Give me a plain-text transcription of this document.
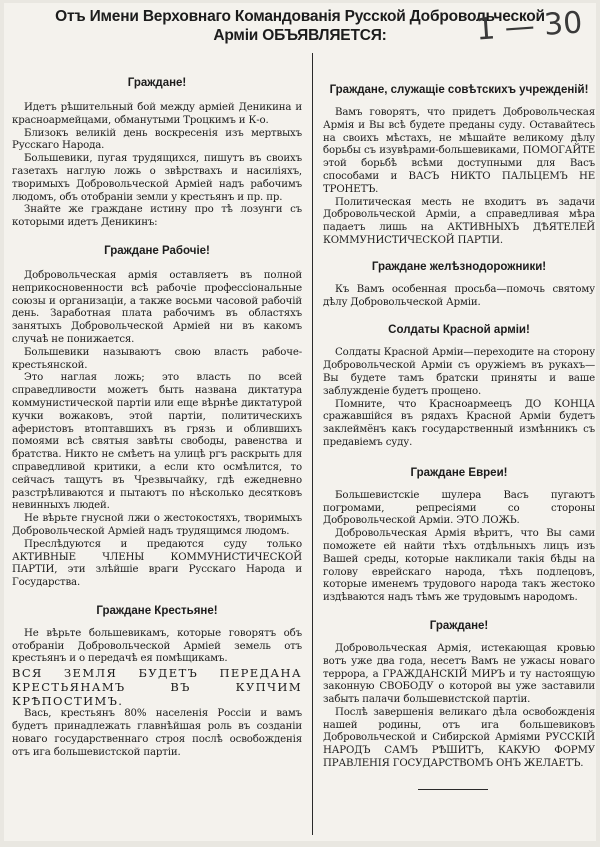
1 — 30
Отъ Имени Верховнаго Командованія Русской Добровольческой
Арміи ОБЪЯВЛЯЕТСЯ:
Граждане!

Идетъ рѣшительный бой между арміей Деникина и красноармейцами, обманутыми Троцкимъ и К-о.

Близокъ великій день воскресенія изъ мертвыхъ Русскаго Народа.

Большевики, пугая трудящихся, пишутъ въ своихъ газетахъ наглую ложь о звѣрствахъ и насиліяхъ, творимыхъ Добровольческой Арміей надъ рабочимъ людомъ, объ отобраніи земли у крестьянъ и пр. пр.

Знайте же граждане истину про тѣ лозунги съ которыми идетъ Деникинъ:

Граждане Рабочіе!

Добровольческая армія оставляетъ въ полной неприкосновенности всѣ рабочіе профессіональные союзы и организаціи, а также восьми часовой рабочій день. Заработная плата рабочимъ въ областяхъ занятыхъ Добровольческой Арміей ни въ какомъ случаѣ не понижается.

Большевики называютъ свою власть рабоче-крестьянской.

Это наглая ложь; это власть по всей справедливости можетъ быть названа диктатура коммунистической партіи или еще вѣрнѣе диктатурой кучки вожаковъ, этой партіи, политическихъ аферистовъ втоптавшихъ въ грязь и облившихъ помоями всѣ святыя завѣты свободы, равенства и братства. Никто не смѣетъ на улицѣ ргъ раскрыть для справедливой критики, а если кто осмѣлится, то сейчасъ тащутъ въ Чрезвычайку, гдѣ ежедневно разстрѣливаются и пытаютъ по нѣсколько десятковъ невинныхъ людей.

Не вѣрьте гнусной лжи о жестокостяхъ, творимыхъ Добровольческой Арміей надъ трудящимся людомъ.

Преслѣдуются и предаются суду только АКТИВНЫЕ ЧЛЕНЫ КОММУНИСТИЧЕСКОЙ ПАРТІИ, эти злѣйшіе враги Русскаго Народа и Государства.

Граждане Крестьяне!

Не вѣрьте большевикамъ, которые говорятъ объ отобраніи Добровольческой Арміей земель отъ крестьянъ и о передачѣ ея помѣщикамъ.

ВСЯ ЗЕМЛЯ БУДЕТЪ ПЕРЕДАНА КРЕСТЬЯНАМЪ ВЪ КУПЧИМ КРѢПОСТИМЪ.

Вась, крестьянъ 80% населенія Россіи и вамъ будетъ принадлежать главнѣйшая роль въ созданіи новаго государственнаго строя послѣ освобожденія отъ ига большевистской партіи.

Граждане, служащіе совѣтскихъ учрежденій!

Вамъ говорятъ, что придетъ Добровольческая Армія и Вы всѣ будете преданы суду. Оставайтесь на своихъ мѣстахъ, не мѣшайте великому дѣлу борьбы съ изувѣрами-большевиками, ПОМОГАЙТЕ этой борьбѣ всѣми доступными для Васъ способами и ВАСЪ НИКТО ПАЛЬЦЕМЪ НЕ ТРОНЕТЪ.

Политическая месть не входитъ въ задачи Добровольческой Арміи, а справедливая мѣра падаетъ лишь на АКТИВНЫХЪ ДѢЯТЕЛЕЙ КОММУНИСТИЧЕСКОЙ ПАРТІИ.

Граждане желѣзнодорожники!

Къ Вамъ особенная просьба—помочь святому дѣлу Добровольческой Арміи.

Солдаты Красной арміи!

Солдаты Красной Арміи—переходите на сторону Добровольческой Арміи съ оружіемъ въ рукахъ—Вы будете тамъ братски приняты и ваше заблужденіе будетъ прощено.

Помните, что Красноармеецъ ДО КОНЦА сражавшійся въ рядахъ Красной Арміи будетъ заклеймёнъ какъ государственный измѣнникъ съ предавіемъ суду.

Граждане Евреи!

Большевистскіе шулера Васъ пугаютъ погромами, репресіями со стороны Добровольческой Арміи. ЭТО ЛОЖЬ.

Добровольческая Армія вѣритъ, что Вы сами поможете ей найти тѣхъ отдѣльныхъ лицъ изъ Вашей среды, которые накликали такія бѣды на голову еврейскаго народа, тѣхъ подлецовъ, которые именемъ трудового народа такъ жестоко издѣваются надъ тѣмъ же трудовымъ народомъ.

Граждане!

Добровольческая Армія, истекающая кровью вотъ уже два года, несетъ Вамъ не ужасы новаго террора, а ГРАЖДАНСКІЙ МИРЪ и ту настоящую законную СВОБОДУ о которой вы уже заставили забыть палачи большевистской партіи.

Послѣ завершенія великаго дѣла освобожденія нашей родины, отъ ига большевиковъ Добровольческой и Сибирской Арміями РУССКІЙ НАРОДЪ САМЪ РѢШИТЪ, КАКУЮ ФОРМУ ПРАВЛЕНІЯ ГОСУДАРСТВОМЪ ОНЪ ЖЕЛАЕТЪ.
